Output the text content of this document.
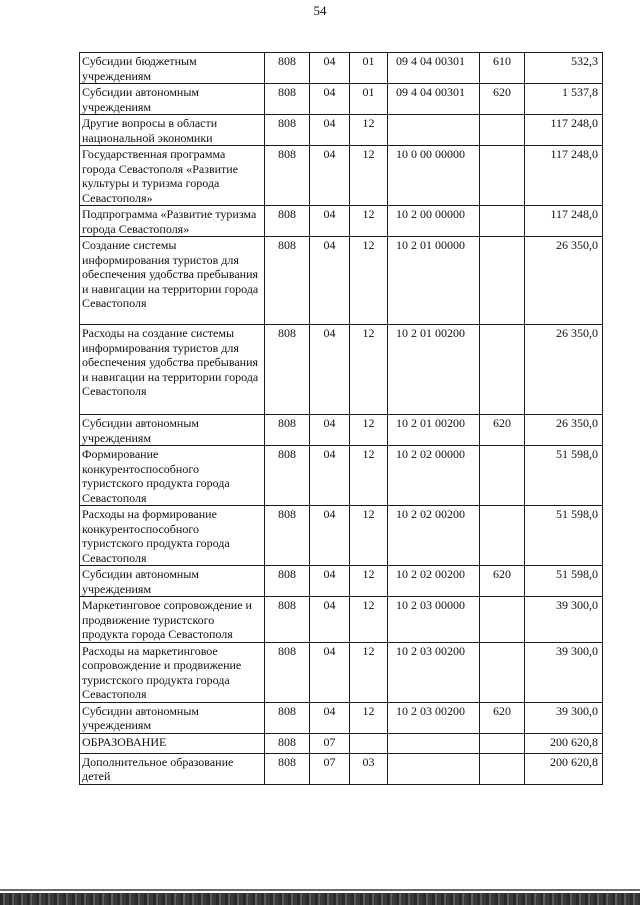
54
Субсидии бюджетным учреждениям	808	04	01	09 4 04 00301	610	532,3
Субсидии автономным учреждениям	808	04	01	09 4 04 00301	620	1 537,8
Другие вопросы в области национальной экономики	808	04	12			117 248,0
Государственная программа города Севастополя «Развитие культуры и туризма города Севастополя»	808	04	12	10 0 00 00000		117 248,0
Подпрограмма «Развитие туризма города Севастополя»	808	04	12	10 2 00 00000		117 248,0
Создание системы информирования туристов для обеспечения удобства пребывания и навигации на территории города Севастополя	808	04	12	10 2 01 00000		26 350,0
Расходы на создание системы информирования туристов для обеспечения удобства пребывания и навигации на территории города Севастополя	808	04	12	10 2 01 00200		26 350,0
Субсидии автономным учреждениям	808	04	12	10 2 01 00200	620	26 350,0
Формирование конкурентоспособного туристского продукта города Севастополя	808	04	12	10 2 02 00000		51 598,0
Расходы на формирование конкурентоспособного туристского продукта города Севастополя	808	04	12	10 2 02 00200		51 598,0
Субсидии автономным учреждениям	808	04	12	10 2 02 00200	620	51 598,0
Маркетинговое сопровождение и продвижение туристского продукта города Севастополя	808	04	12	10 2 03 00000		39 300,0
Расходы на маркетинговое сопровождение и продвижение туристского продукта города Севастополя	808	04	12	10 2 03 00200		39 300,0
Субсидии автономным учреждениям	808	04	12	10 2 03 00200	620	39 300,0
ОБРАЗОВАНИЕ	808	07				200 620,8
Дополнительное образование детей	808	07	03			200 620,8
